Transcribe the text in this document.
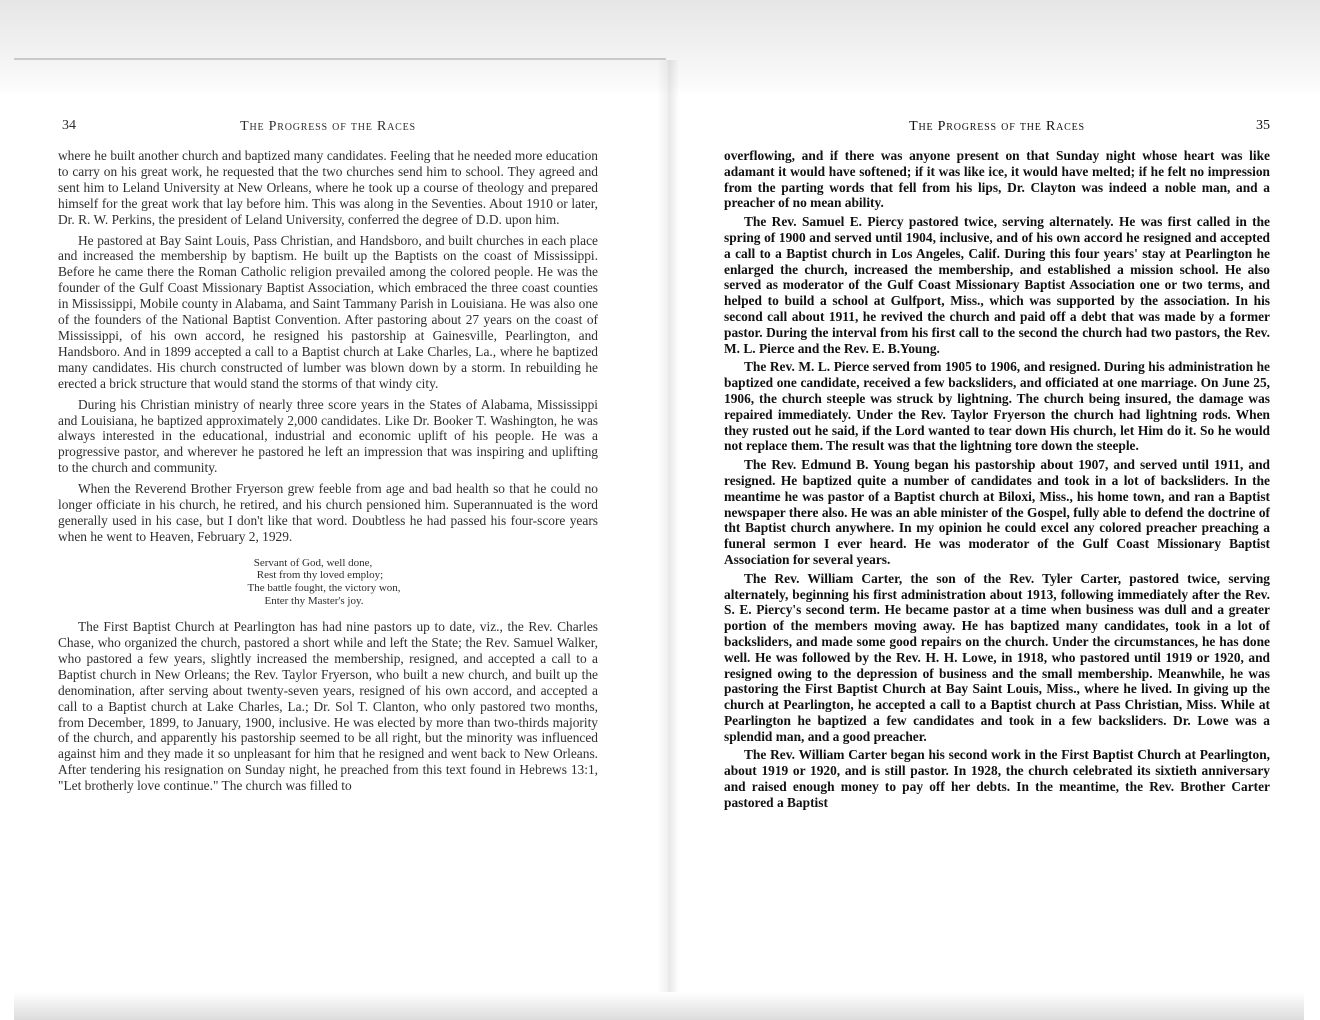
34	The Progress of the Races

where he built another church and baptized many candidates. Feeling that he needed more education to carry on his great work, he requested that the two churches send him to school. They agreed and sent him to Leland University at New Orleans, where he took up a course of theology and prepared himself for the great work that lay before him. This was along in the Seventies. About 1910 or later, Dr. R. W. Perkins, the president of Leland University, conferred the degree of D.D. upon him.

He pastored at Bay Saint Louis, Pass Christian, and Handsboro, and built churches in each place and increased the membership by baptism. He built up the Baptists on the coast of Mississippi. Before he came there the Roman Catholic religion prevailed among the colored people. He was the founder of the Gulf Coast Missionary Baptist Association, which embraced the three coast counties in Mississippi, Mobile county in Alabama, and Saint Tammany Parish in Louisiana. He was also one of the founders of the National Baptist Convention. After pastoring about 27 years on the coast of Mississippi, of his own accord, he resigned his pastorship at Gainesville, Pearlington, and Handsboro. And in 1899 accepted a call to a Baptist church at Lake Charles, La., where he baptized many candidates. His church constructed of lumber was blown down by a storm. In rebuilding he erected a brick structure that would stand the storms of that windy city.

During his Christian ministry of nearly three score years in the States of Alabama, Mississippi and Louisiana, he baptized approximately 2,000 candidates. Like Dr. Booker T. Washington, he was always interested in the educational, industrial and economic uplift of his people. He was a progressive pastor, and wherever he pastored he left an impression that was inspiring and uplifting to the church and community.

When the Reverend Brother Fryerson grew feeble from age and bad health so that he could no longer officiate in his church, he retired, and his church pensioned him. Superannuated is the word generally used in his case, but I don't like that word. Doubtless he had passed his four-score years when he went to Heaven, February 2, 1929.

Servant of God, well done,
Rest from thy loved employ;
The battle fought, the victory won,
Enter thy Master's joy.

The First Baptist Church at Pearlington has had nine pastors up to date, viz., the Rev. Charles Chase, who organized the church, pastored a short while and left the State; the Rev. Samuel Walker, who pastored a few years, slightly increased the membership, resigned, and accepted a call to a Baptist church in New Orleans; the Rev. Taylor Fryerson, who built a new church, and built up the denomination, after serving about twenty-seven years, resigned of his own accord, and accepted a call to a Baptist church at Lake Charles, La.; Dr. Sol T. Clanton, who only pastored two months, from December, 1899, to January, 1900, inclusive. He was elected by more than two-thirds majority of the church, and apparently his pastorship seemed to be all right, but the minority was influenced against him and they made it so unpleasant for him that he resigned and went back to New Orleans. After tendering his resignation on Sunday night, he preached from this text found in Hebrews 13:1, "Let brotherly love continue." The church was filled to

The Progress of the Races	35

overflowing, and if there was anyone present on that Sunday night whose heart was like adamant it would have softened; if it was like ice, it would have melted; if he felt no impression from the parting words that fell from his lips, Dr. Clayton was indeed a noble man, and a preacher of no mean ability.

The Rev. Samuel E. Piercy pastored twice, serving alternately. He was first called in the spring of 1900 and served until 1904, inclusive, and of his own accord he resigned and accepted a call to a Baptist church in Los Angeles, Calif. During this four years' stay at Pearlington he enlarged the church, increased the membership, and established a mission school. He also served as moderator of the Gulf Coast Missionary Baptist Association one or two terms, and helped to build a school at Gulfport, Miss., which was supported by the association. In his second call about 1911, he revived the church and paid off a debt that was made by a former pastor. During the interval from his first call to the second the church had two pastors, the Rev. M. L. Pierce and the Rev. E. B.Young.

The Rev. M. L. Pierce served from 1905 to 1906, and resigned. During his administration he baptized one candidate, received a few backsliders, and officiated at one marriage. On June 25, 1906, the church steeple was struck by lightning. The church being insured, the damage was repaired immediately. Under the Rev. Taylor Fryerson the church had lightning rods. When they rusted out he said, if the Lord wanted to tear down His church, let Him do it. So he would not replace them. The result was that the lightning tore down the steeple.

The Rev. Edmund B. Young began his pastorship about 1907, and served until 1911, and resigned. He baptized quite a number of candidates and took in a lot of backsliders. In the meantime he was pastor of a Baptist church at Biloxi, Miss., his home town, and ran a Baptist newspaper there also. He was an able minister of the Gospel, fully able to defend the doctrine of tht Baptist church anywhere. In my opinion he could excel any colored preacher preaching a funeral sermon I ever heard. He was moderator of the Gulf Coast Missionary Baptist Association for several years.

The Rev. William Carter, the son of the Rev. Tyler Carter, pastored twice, serving alternately, beginning his first administration about 1913, following immediately after the Rev. S. E. Piercy's second term. He became pastor at a time when business was dull and a greater portion of the members moving away. He has baptized many candidates, took in a lot of backsliders, and made some good repairs on the church. Under the circumstances, he has done well. He was followed by the Rev. H. H. Lowe, in 1918, who pastored until 1919 or 1920, and resigned owing to the depression of business and the small membership. Meanwhile, he was pastoring the First Baptist Church at Bay Saint Louis, Miss., where he lived. In giving up the church at Pearlington, he accepted a call to a Baptist church at Pass Christian, Miss. While at Pearlington he baptized a few candidates and took in a few backsliders. Dr. Lowe was a splendid man, and a good preacher.

The Rev. William Carter began his second work in the First Baptist Church at Pearlington, about 1919 or 1920, and is still pastor. In 1928, the church celebrated its sixtieth anniversary and raised enough money to pay off her debts. In the meantime, the Rev. Brother Carter pastored a Baptist
